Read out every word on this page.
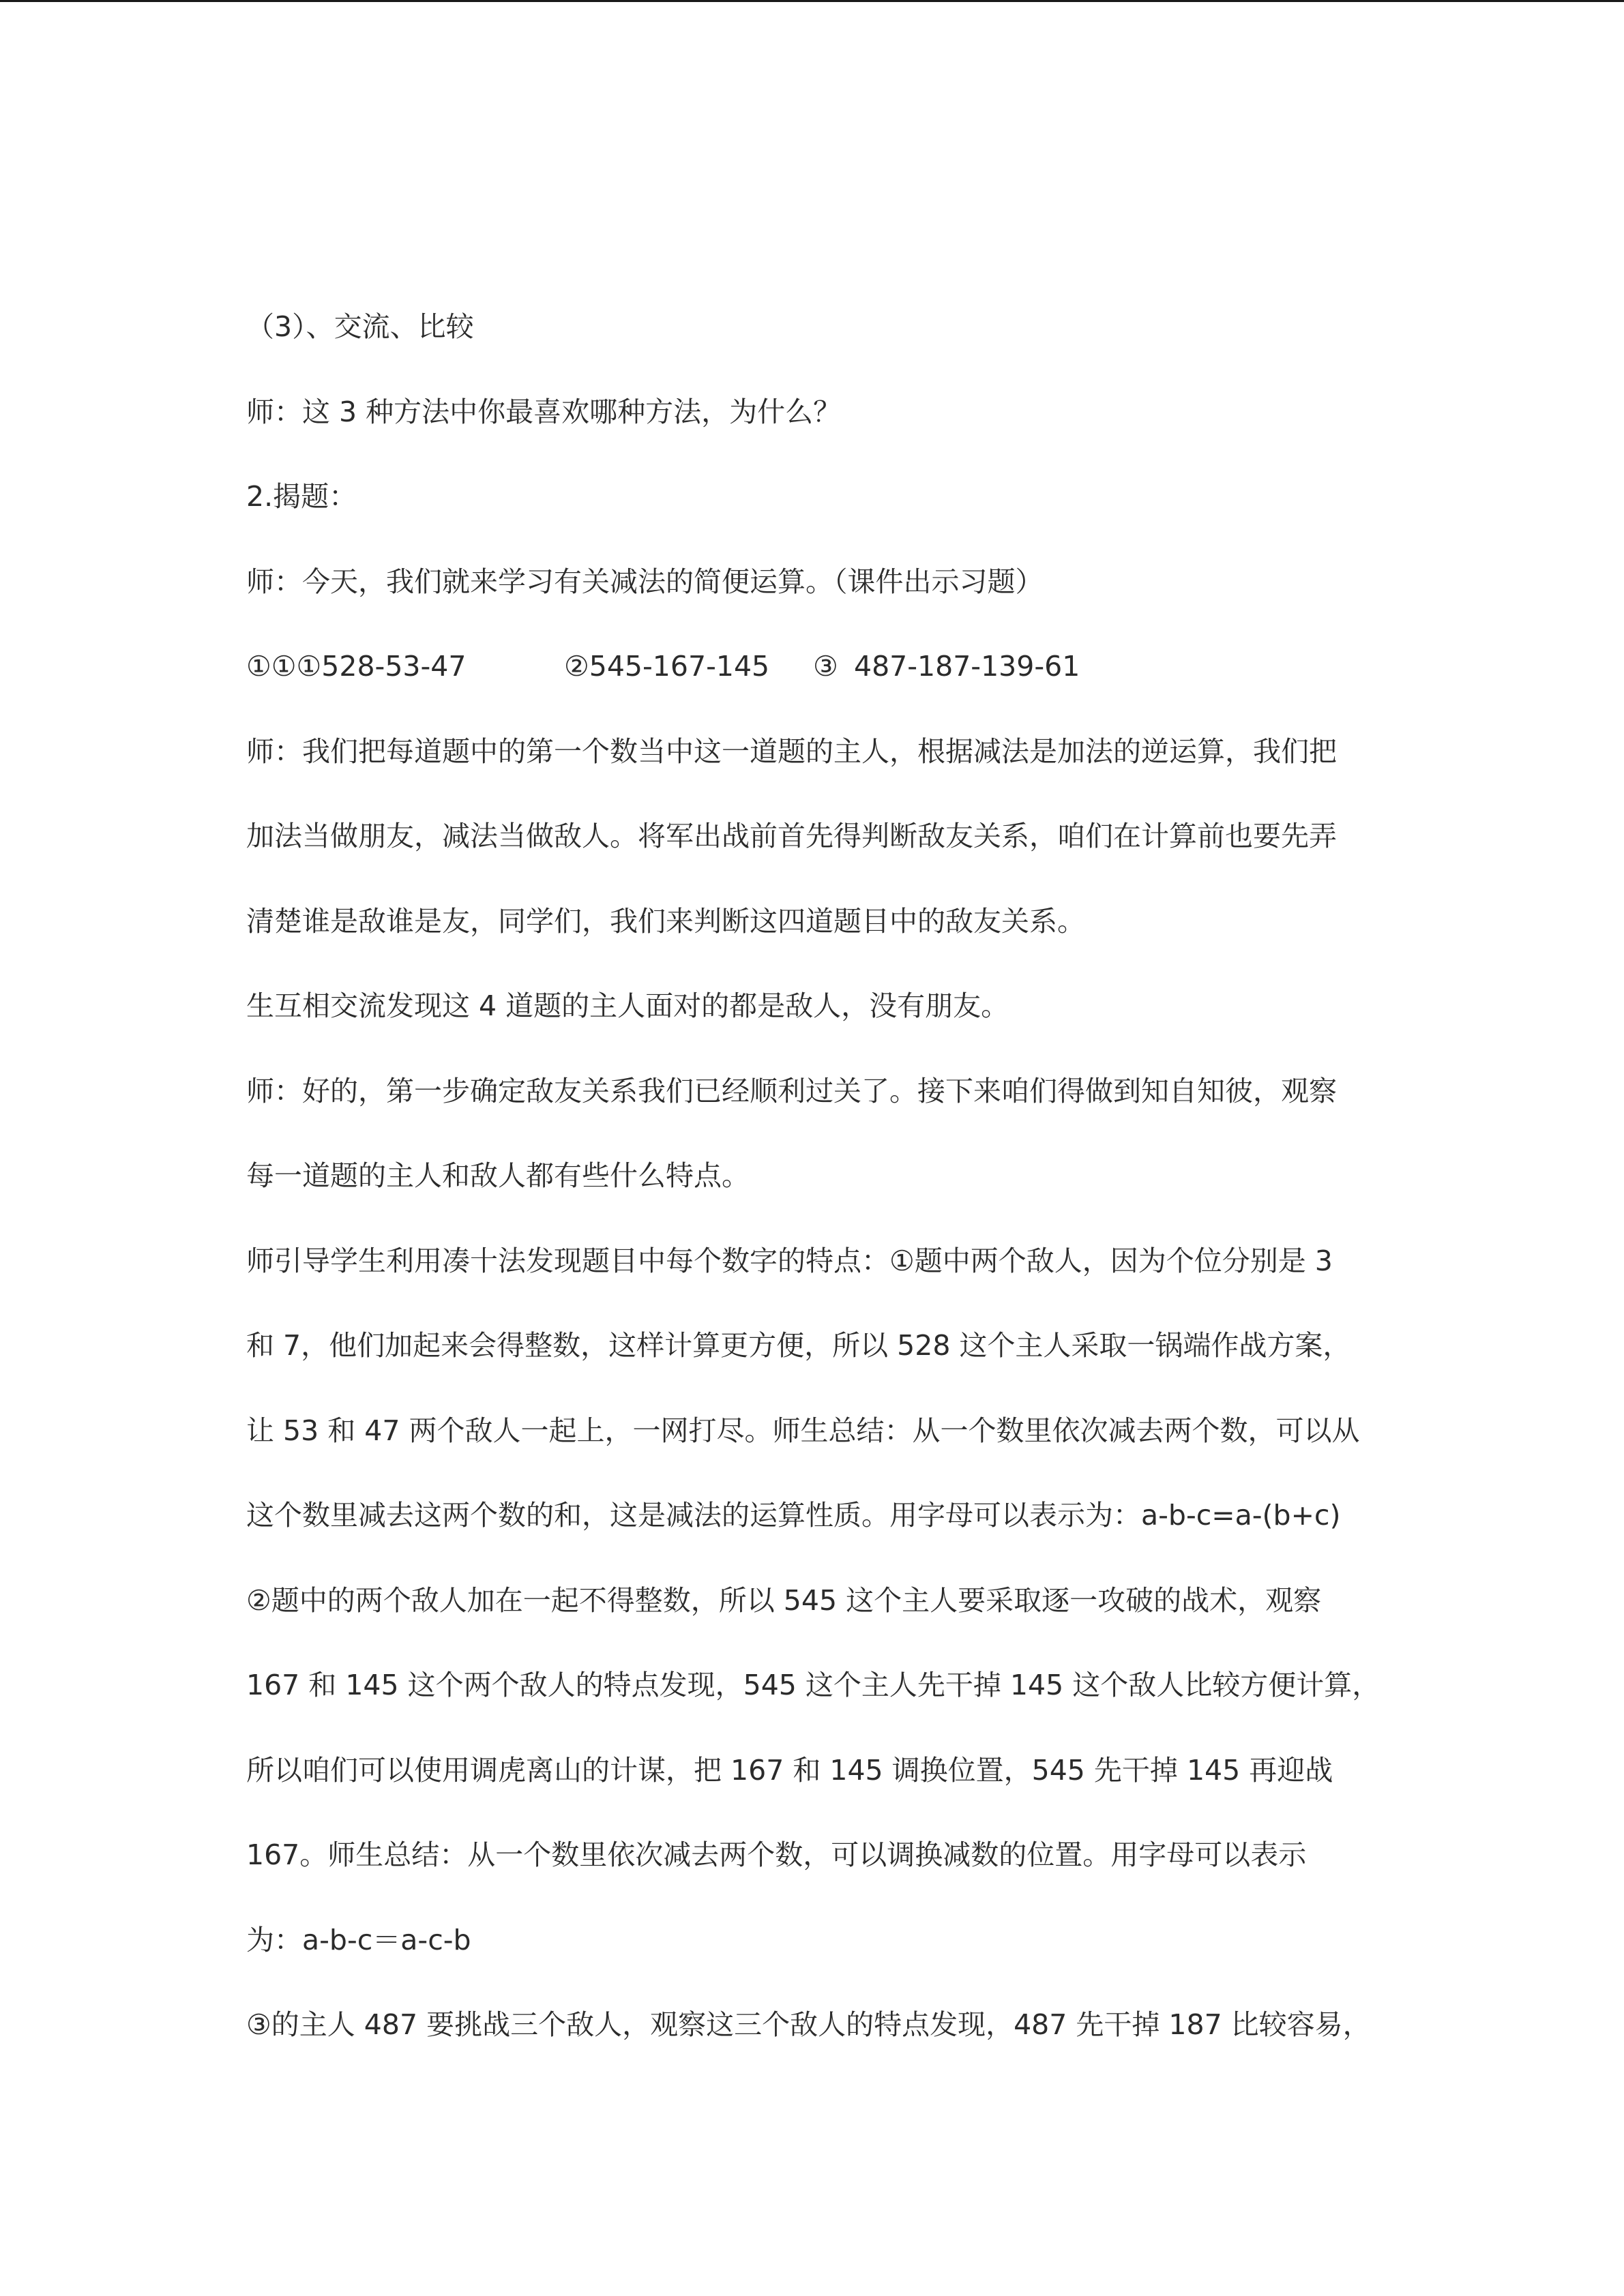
（3）、交流、比较
师：这 3 种方法中你最喜欢哪种方法，为什么？
2.揭题：
师：今天，我们就来学习有关减法的简便运算。（课件出示习题）
①①①528-53-47	②545-167-145 ③ 487-187-139-61
师：我们把每道题中的第一个数当中这一道题的主人，根据减法是加法的逆运算，我们把
加法当做朋友，减法当做敌人。将军出战前首先得判断敌友关系，咱们在计算前也要先弄
清楚谁是敌谁是友，同学们，我们来判断这四道题目中的敌友关系。
生互相交流发现这 4 道题的主人面对的都是敌人，没有朋友。
师：好的，第一步确定敌友关系我们已经顺利过关了。接下来咱们得做到知自知彼，观察
每一道题的主人和敌人都有些什么特点。
师引导学生利用凑十法发现题目中每个数字的特点：①题中两个敌人，因为个位分别是 3
和 7，他们加起来会得整数，这样计算更方便，所以 528 这个主人采取一锅端作战方案，
让 53 和 47 两个敌人一起上，一网打尽。师生总结：从一个数里依次减去两个数，可以从
这个数里减去这两个数的和，这是减法的运算性质。用字母可以表示为：a-b-c=a-(b+c)
②题中的两个敌人加在一起不得整数，所以 545 这个主人要采取逐一攻破的战术，观察
167 和 145 这个两个敌人的特点发现，545 这个主人先干掉 145 这个敌人比较方便计算，
所以咱们可以使用调虎离山的计谋，把 167 和 145 调换位置，545 先干掉 145 再迎战
167。师生总结：从一个数里依次减去两个数，可以调换减数的位置。用字母可以表示
为：a-b-c＝a-c-b
③的主人 487 要挑战三个敌人，观察这三个敌人的特点发现，487 先干掉 187 比较容易，
